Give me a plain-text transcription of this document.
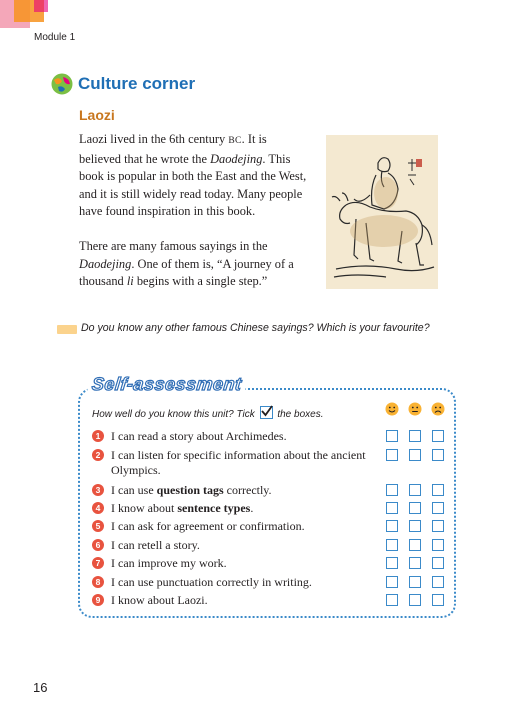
Module 1
Culture corner
Laozi
Laozi lived in the 6th century BC. It is believed that he wrote the Daodejing. This book is popular in both the East and the West, and it is still widely read today. Many people have found inspiration in this book.
There are many famous sayings in the Daodejing. One of them is, “A journey of a thousand li begins with a single step.”
Do you know any other famous Chinese sayings? Which is your favourite?
Self-assessment
How well do you know this unit? Tick the boxes.
1 I can read a story about Archimedes.
2 I can listen for specific information about the ancient Olympics.
3 I can use question tags correctly.
4 I know about sentence types.
5 I can ask for agreement or confirmation.
6 I can retell a story.
7 I can improve my work.
8 I can use punctuation correctly in writing.
9 I know about Laozi.
16
